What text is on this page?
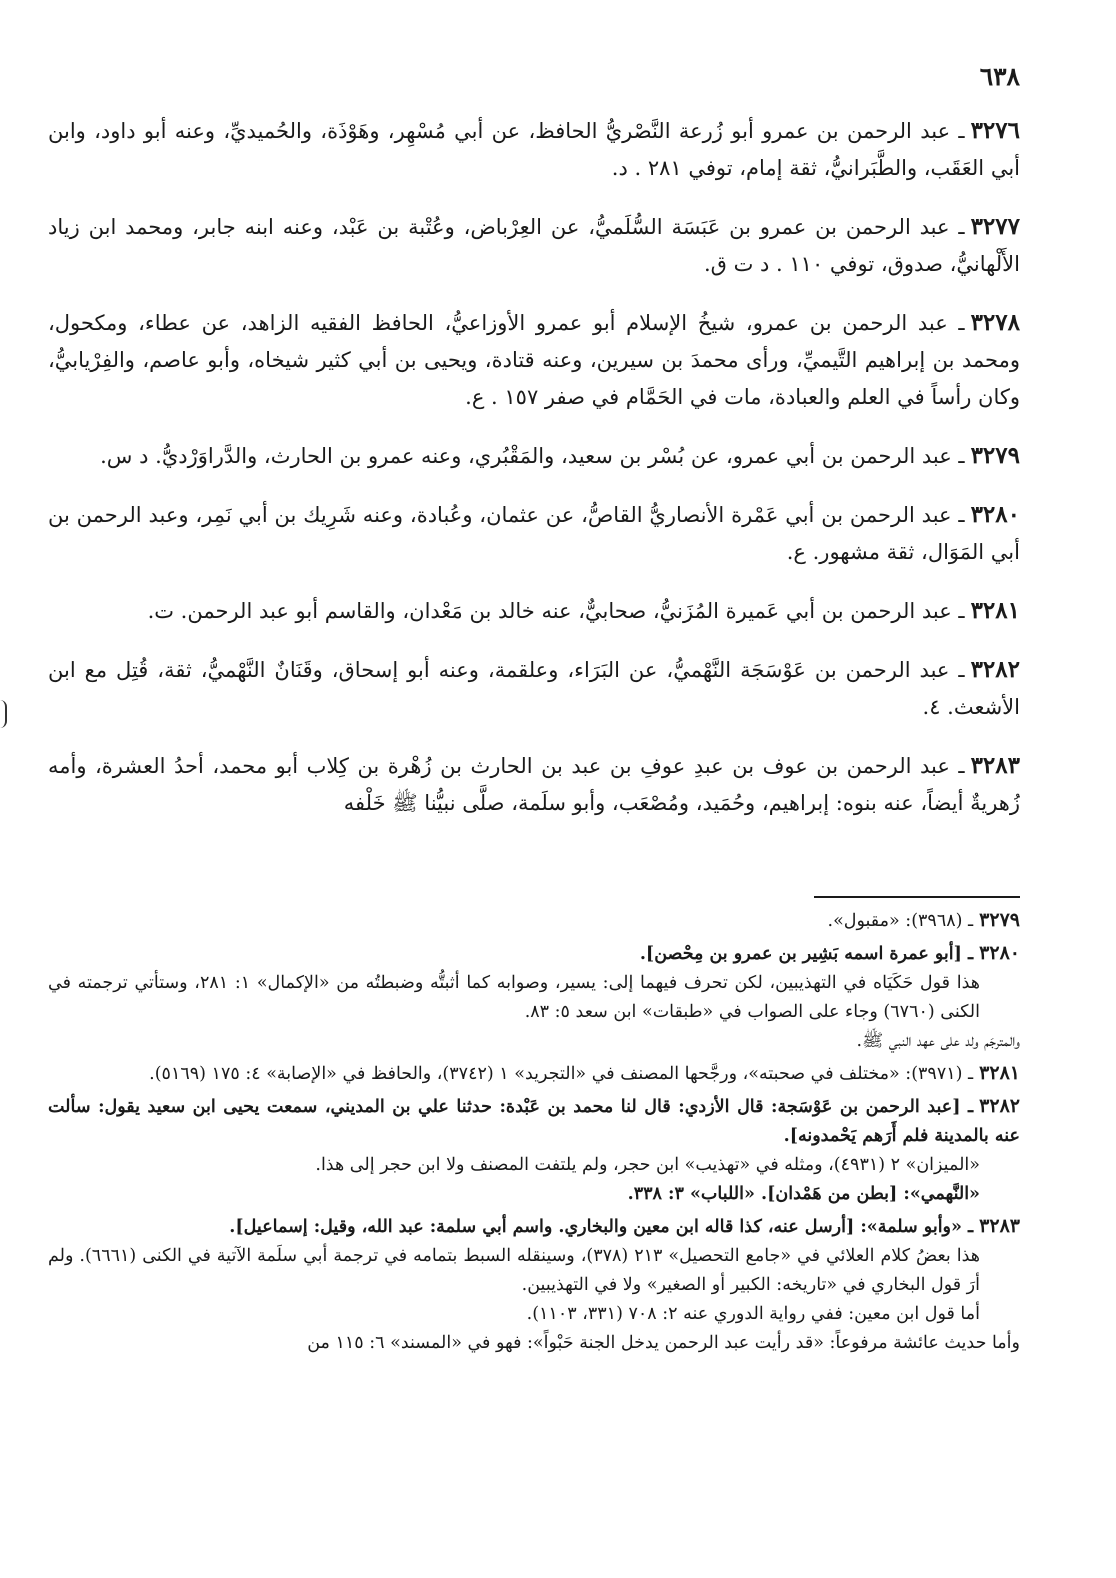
٦٣٨

٣٢٧٦ـ عبد الرحمن بن عمرو أبو زُرعة النَّصْريُّ الحافظ، عن أبي مُسْهِر، وهَوْذَة، والحُميديِّ، وعنه أبو داود، وابن أبي العَقَب، والطَّبَرانيُّ، ثقة إمام، توفي ٢٨١ . د.

٣٢٧٧ـ عبد الرحمن بن عمرو بن عَبَسَة السُّلَميُّ، عن العِرْباض، وعُتْبة بن عَبْد، وعنه ابنه جابر، ومحمد ابن زياد الأَلْهانيُّ، صدوق، توفي ١١٠ . د ت ق.

٣٢٧٨ـ عبد الرحمن بن عمرو، شيخُ الإسلام أبو عمرو الأوزاعيُّ، الحافظ الفقيه الزاهد، عن عطاء، ومكحول، ومحمد بن إبراهيم التَّيميِّ، ورأى محمدَ بن سيرين، وعنه قتادة، ويحيى بن أبي كثير شيخاه، وأبو عاصم، والفِرْيابيُّ، وكان رأساً في العلم والعبادة، مات في الحَمَّام في صفر ١٥٧ . ع.

٣٢٧٩ـ عبد الرحمن بن أبي عمرو، عن بُسْر بن سعيد، والمَقْبُري، وعنه عمرو بن الحارث، والدَّراوَرْديُّ. د س.

٣٢٨٠ـ عبد الرحمن بن أبي عَمْرة الأنصاريُّ القاصُّ، عن عثمان، وعُبادة، وعنه شَرِيك بن أبي نَمِر، وعبد الرحمن بن أبي المَوَال، ثقة مشهور. ع.

٣٢٨١ـ عبد الرحمن بن أبي عَميرة المُزَنيُّ، صحابيٌّ، عنه خالد بن مَعْدان، والقاسم أبو عبد الرحمن. ت.

٣٢٨٢ـ عبد الرحمن بن عَوْسَجَة النَّهْميُّ، عن البَرَاء، وعلقمة، وعنه أبو إسحاق، وقَنَانٌ النَّهْميُّ، ثقة، قُتِل مع ابن الأشعث. ٤.

٣٢٨٣ـ عبد الرحمن بن عوف بن عبدِ عوفِ بن عبد بن الحارث بن زُهْرة بن كِلاب أبو محمد، أحدُ العشرة، وأمه زُهريةٌ أيضاً، عنه بنوه: إبراهيم، وحُمَيد، ومُصْعَب، وأبو سلَمة، صلَّى نبيُّنا ﷺ خَلْفه

٣٢٧٩ـ (٣٩٦٨): «مقبول».
٣٢٨٠ـ [أبو عمرة اسمه بَشِير بن عمرو بن مِحْصن].
هذا قول حَكَيَاه في التهذيبين، لكن تحرف فيهما إلى: يسير، وصوابه كما أثبتُّه وضبطتُه من «الإكمال» ١: ٢٨١، وستأتي ترجمته في الكنى (٦٧٦٠) وجاء على الصواب في «طبقات» ابن سعد ٥: ٨٣.
والمترجَم ولد على عهد النبي ﷺ.
٣٢٨١ـ (٣٩٧١): «مختلف في صحبته»، ورجَّحها المصنف في «التجريد» ١ (٣٧٤٢)، والحافظ في «الإصابة» ٤: ١٧٥ (٥١٦٩).
٣٢٨٢ـ [عبد الرحمن بن عَوْسَجة: قال الأزدي: قال لنا محمد بن عَبْدة: حدثنا علي بن المديني، سمعت يحيى ابن سعيد يقول: سألت عنه بالمدينة فلم أَرَهم يَحْمدونه].
«الميزان» ٢ (٤٩٣١)، ومثله في «تهذيب» ابن حجر، ولم يلتفت المصنف ولا ابن حجر إلى هذا.
«النَّهمي»: [بطن من هَمْدان]. «اللباب» ٣: ٣٣٨.
٣٢٨٣ـ «وأبو سلمة»: [أرسل عنه، كذا قاله ابن معين والبخاري. واسم أبي سلمة: عبد الله، وقيل: إسماعيل].
هذا بعضُ كلام العلائي في «جامع التحصيل» ٢١٣ (٣٧٨)، وسينقله السبط بتمامه في ترجمة أبي سلَمة الآتية في الكنى (٦٦٦١). ولم أرَ قول البخاري في «تاريخه: الكبير أو الصغير» ولا في التهذيبين.
أما قول ابن معين: ففي رواية الدوري عنه ٢: ٧٠٨ (٣٣١، ١١٠٣).
وأما حديث عائشة مرفوعاً: «قد رأيت عبد الرحمن يدخل الجنة حَبْواً»: فهو في «المسند» ٦: ١١٥ من
